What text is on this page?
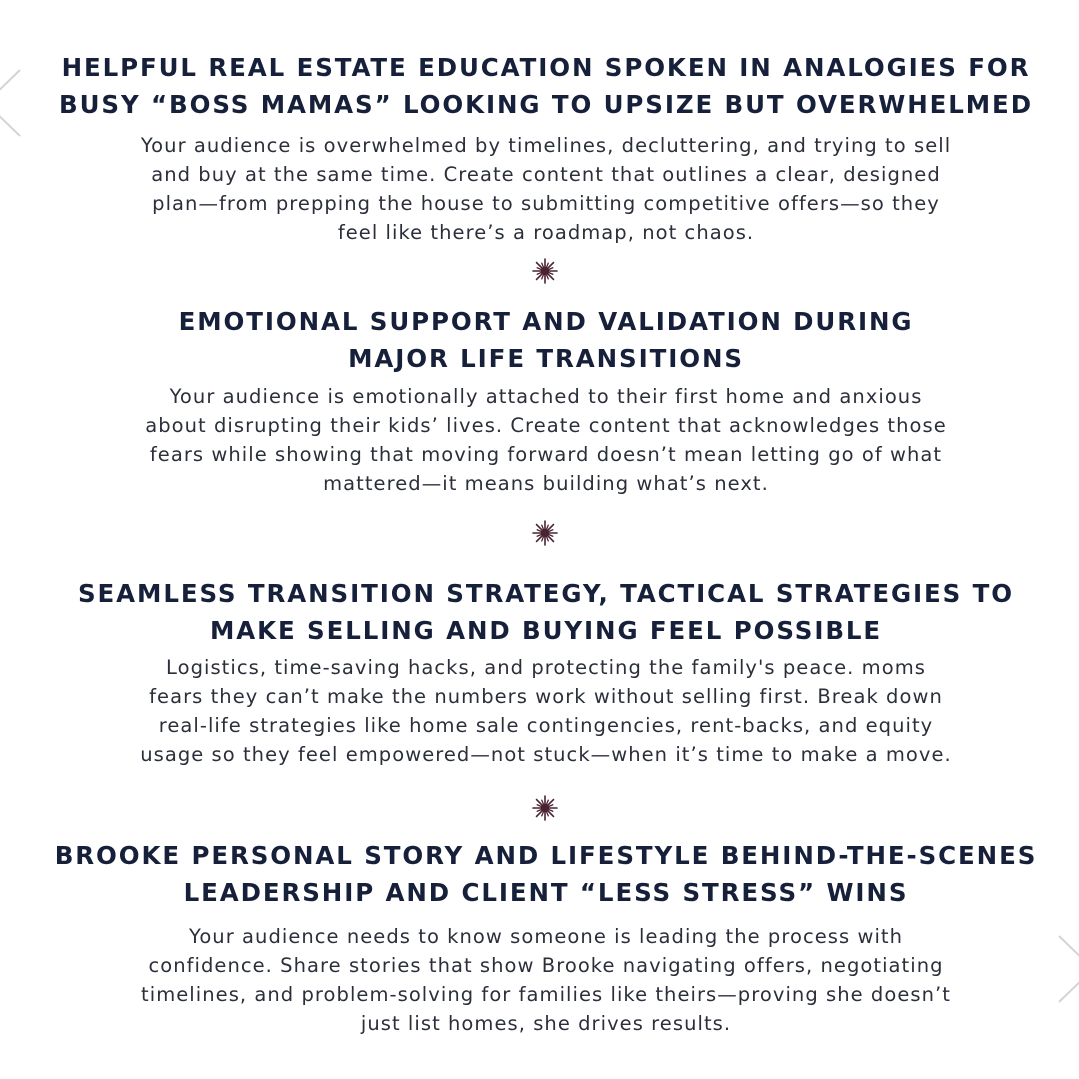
HELPFUL REAL ESTATE EDUCATION SPOKEN IN ANALOGIES FOR
BUSY “BOSS MAMAS” LOOKING TO UPSIZE BUT OVERWHELMED

Your audience is overwhelmed by timelines, decluttering, and trying to sell
and buy at the same time. Create content that outlines a clear, designed
plan—from prepping the house to submitting competitive offers—so they
feel like there’s a roadmap, not chaos.

EMOTIONAL SUPPORT AND VALIDATION DURING
MAJOR LIFE TRANSITIONS

Your audience is emotionally attached to their first home and anxious
about disrupting their kids’ lives. Create content that acknowledges those
fears while showing that moving forward doesn’t mean letting go of what
mattered—it means building what’s next.

SEAMLESS TRANSITION STRATEGY, TACTICAL STRATEGIES TO
MAKE SELLING AND BUYING FEEL POSSIBLE

Logistics, time-saving hacks, and protecting the family's peace. moms
fears they can’t make the numbers work without selling first. Break down
real-life strategies like home sale contingencies, rent-backs, and equity
usage so they feel empowered—not stuck—when it’s time to make a move.

BROOKE PERSONAL STORY AND LIFESTYLE BEHIND-THE-SCENES
LEADERSHIP AND CLIENT “LESS STRESS” WINS

Your audience needs to know someone is leading the process with
confidence. Share stories that show Brooke navigating offers, negotiating
timelines, and problem-solving for families like theirs—proving she doesn’t
just list homes, she drives results.
